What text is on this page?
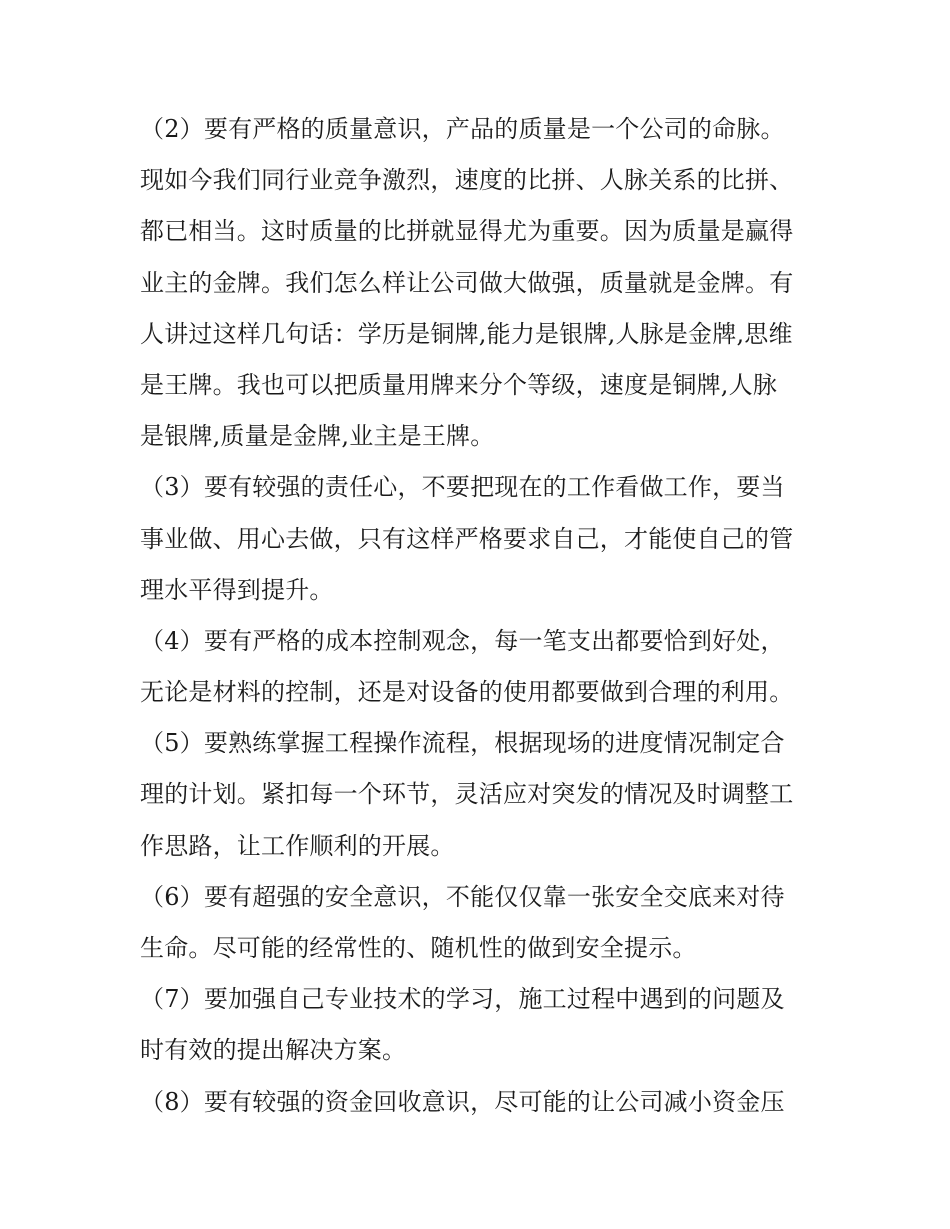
（2）要有严格的质量意识，产品的质量是一个公司的命脉。
现如今我们同行业竞争激烈，速度的比拼、人脉关系的比拼、
都已相当。这时质量的比拼就显得尤为重要。因为质量是赢得
业主的金牌。我们怎么样让公司做大做强，质量就是金牌。有
人讲过这样几句话：学历是铜牌,能力是银牌,人脉是金牌,思维
是王牌。我也可以把质量用牌来分个等级，速度是铜牌,人脉
是银牌,质量是金牌,业主是王牌。
（3）要有较强的责任心，不要把现在的工作看做工作，要当
事业做、用心去做，只有这样严格要求自己，才能使自己的管
理水平得到提升。
（4）要有严格的成本控制观念，每一笔支出都要恰到好处，
无论是材料的控制，还是对设备的使用都要做到合理的利用。
（5）要熟练掌握工程操作流程，根据现场的进度情况制定合
理的计划。紧扣每一个环节，灵活应对突发的情况及时调整工
作思路，让工作顺利的开展。
（6）要有超强的安全意识，不能仅仅靠一张安全交底来对待
生命。尽可能的经常性的、随机性的做到安全提示。
（7）要加强自己专业技术的学习，施工过程中遇到的问题及
时有效的提出解决方案。
（8）要有较强的资金回收意识，尽可能的让公司减小资金压
